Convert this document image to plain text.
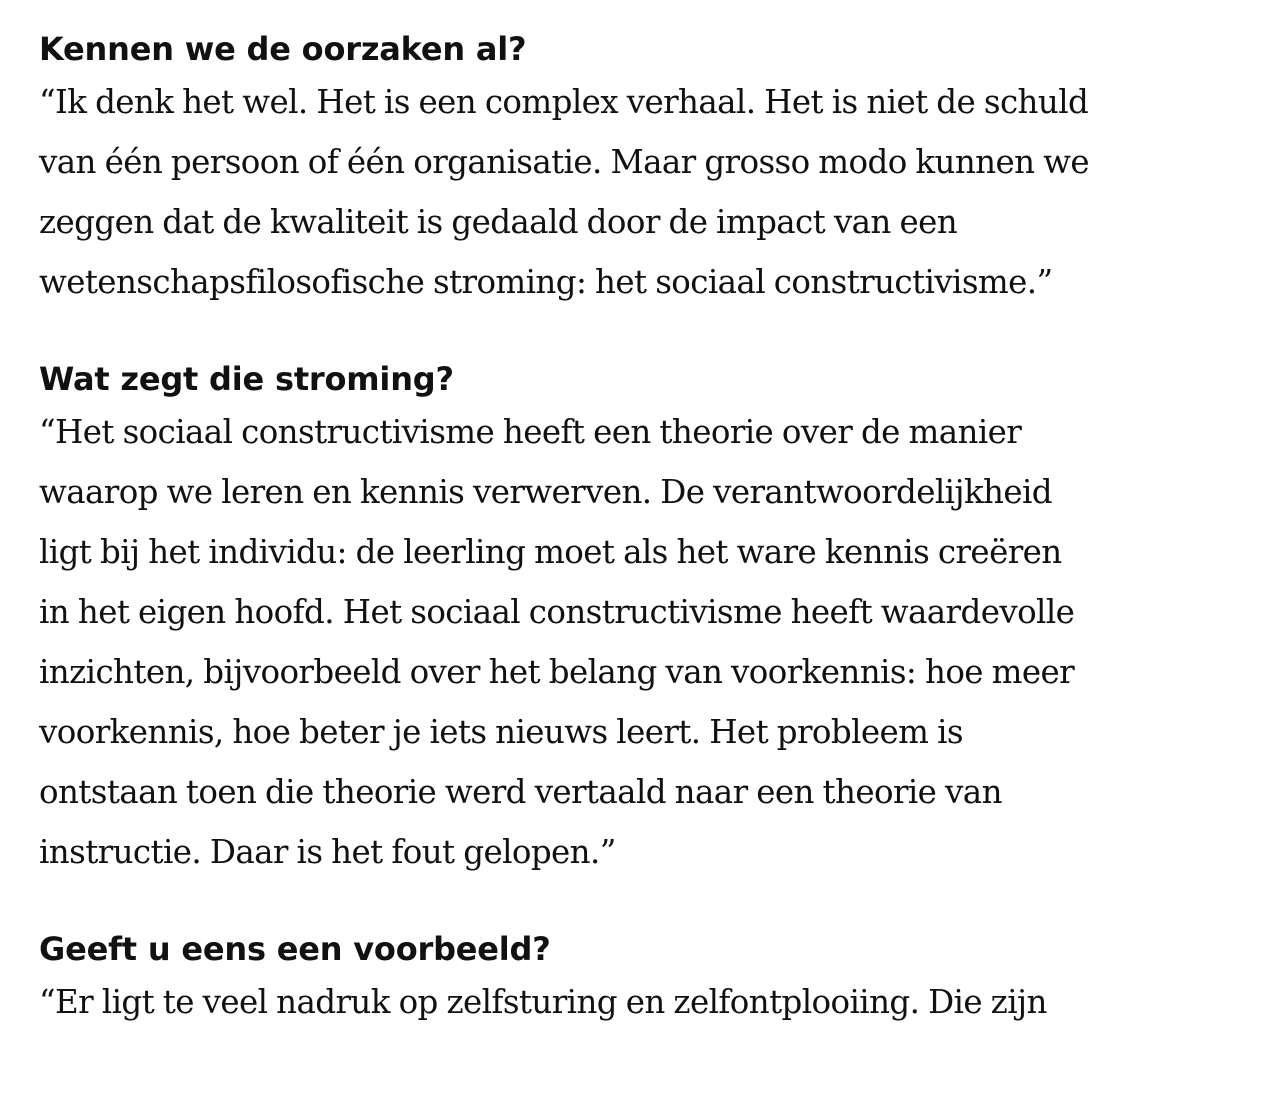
Kennen we de oorzaken al?

“Ik denk het wel. Het is een complex verhaal. Het is niet de schuld
van één persoon of één organisatie. Maar grosso modo kunnen we
zeggen dat de kwaliteit is gedaald door de impact van een
wetenschapsfilosofische stroming: het sociaal constructivisme.”

Wat zegt die stroming?

“Het sociaal constructivisme heeft een theorie over de manier
waarop we leren en kennis verwerven. De verantwoordelijkheid
ligt bij het individu: de leerling moet als het ware kennis creëren
in het eigen hoofd. Het sociaal constructivisme heeft waardevolle
inzichten, bijvoorbeeld over het belang van voorkennis: hoe meer
voorkennis, hoe beter je iets nieuws leert. Het probleem is
ontstaan toen die theorie werd vertaald naar een theorie van
instructie. Daar is het fout gelopen.”

Geeft u eens een voorbeeld?

“Er ligt te veel nadruk op zelfsturing en zelfontplooiing. Die zijn
